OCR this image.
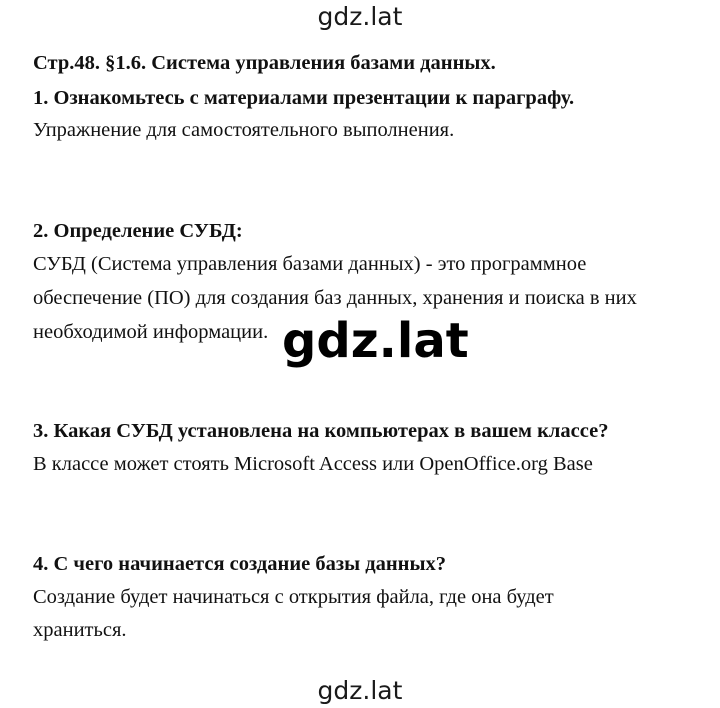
gdz.lat
Стр.48. §1.6. Система управления базами данных.
1. Ознакомьтесь с материалами презентации к параграфу.
Упражнение для самостоятельного выполнения.
2. Определение СУБД:
СУБД (Система управления базами данных) - это программное
обеспечение (ПО) для создания баз данных, хранения и поиска в них
необходимой информации. gdz.lat
3. Какая СУБД установлена на компьютерах в вашем классе?
В классе может стоять Microsoft Access или OpenOffice.org Base
4. С чего начинается создание базы данных?
Создание будет начинаться с открытия файла, где она будет
храниться.
gdz.lat
